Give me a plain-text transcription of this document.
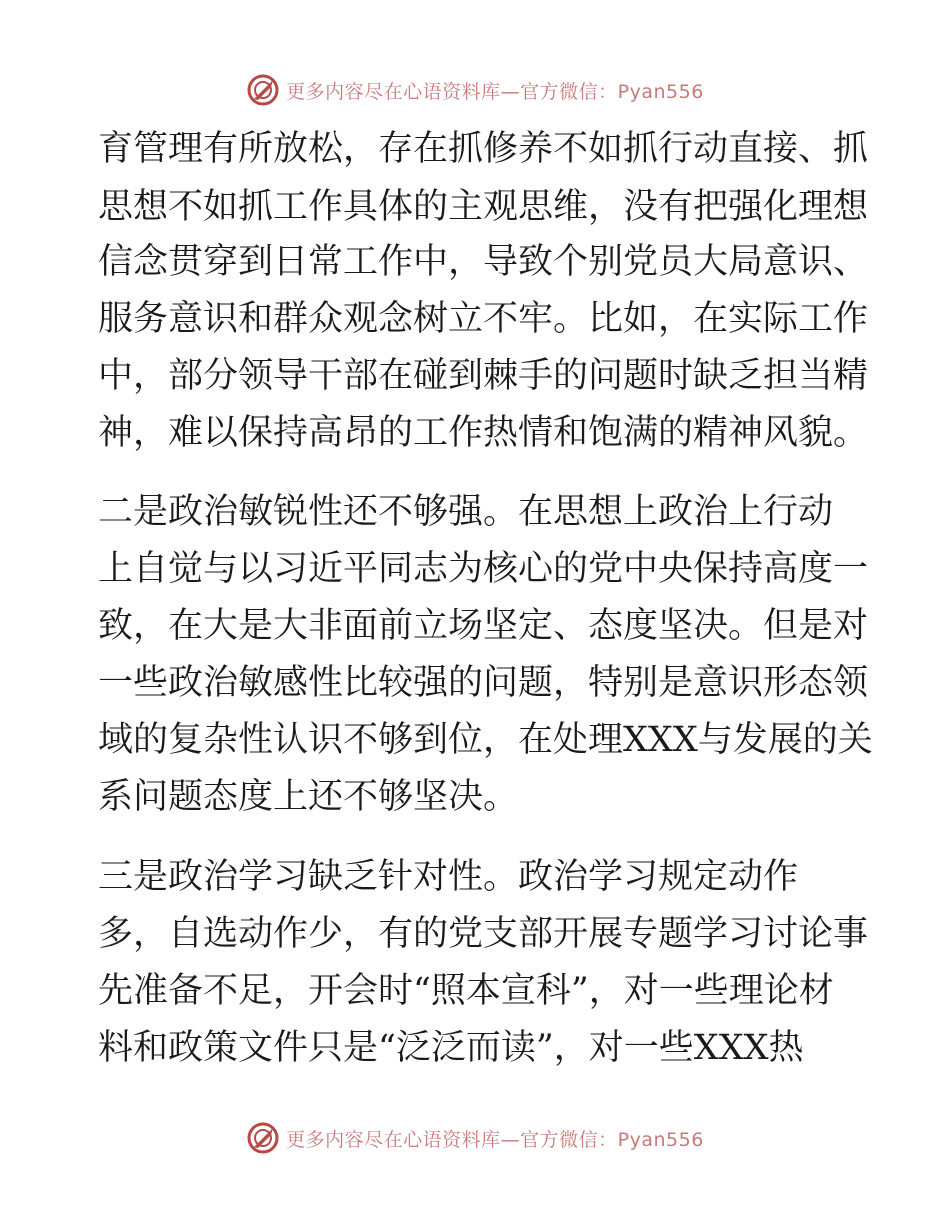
更多内容尽在心语资料库—官方微信：Pyan556
育管理有所放松，存在抓修养不如抓行动直接、抓
思想不如抓工作具体的主观思维，没有把强化理想
信念贯穿到日常工作中，导致个别党员大局意识、
服务意识和群众观念树立不牢。比如，在实际工作
中，部分领导干部在碰到棘手的问题时缺乏担当精
神，难以保持高昂的工作热情和饱满的精神风貌。
二是政治敏锐性还不够强。在思想上政治上行动
上自觉与以习近平同志为核心的党中央保持高度一
致，在大是大非面前立场坚定、态度坚决。但是对
一些政治敏感性比较强的问题，特别是意识形态领
域的复杂性认识不够到位，在处理XXX与发展的关
系问题态度上还不够坚决。
三是政治学习缺乏针对性。政治学习规定动作
多，自选动作少，有的党支部开展专题学习讨论事
先准备不足，开会时“照本宣科”，对一些理论材
料和政策文件只是“泛泛而读”，对一些XXX热
更多内容尽在心语资料库—官方微信：Pyan556
